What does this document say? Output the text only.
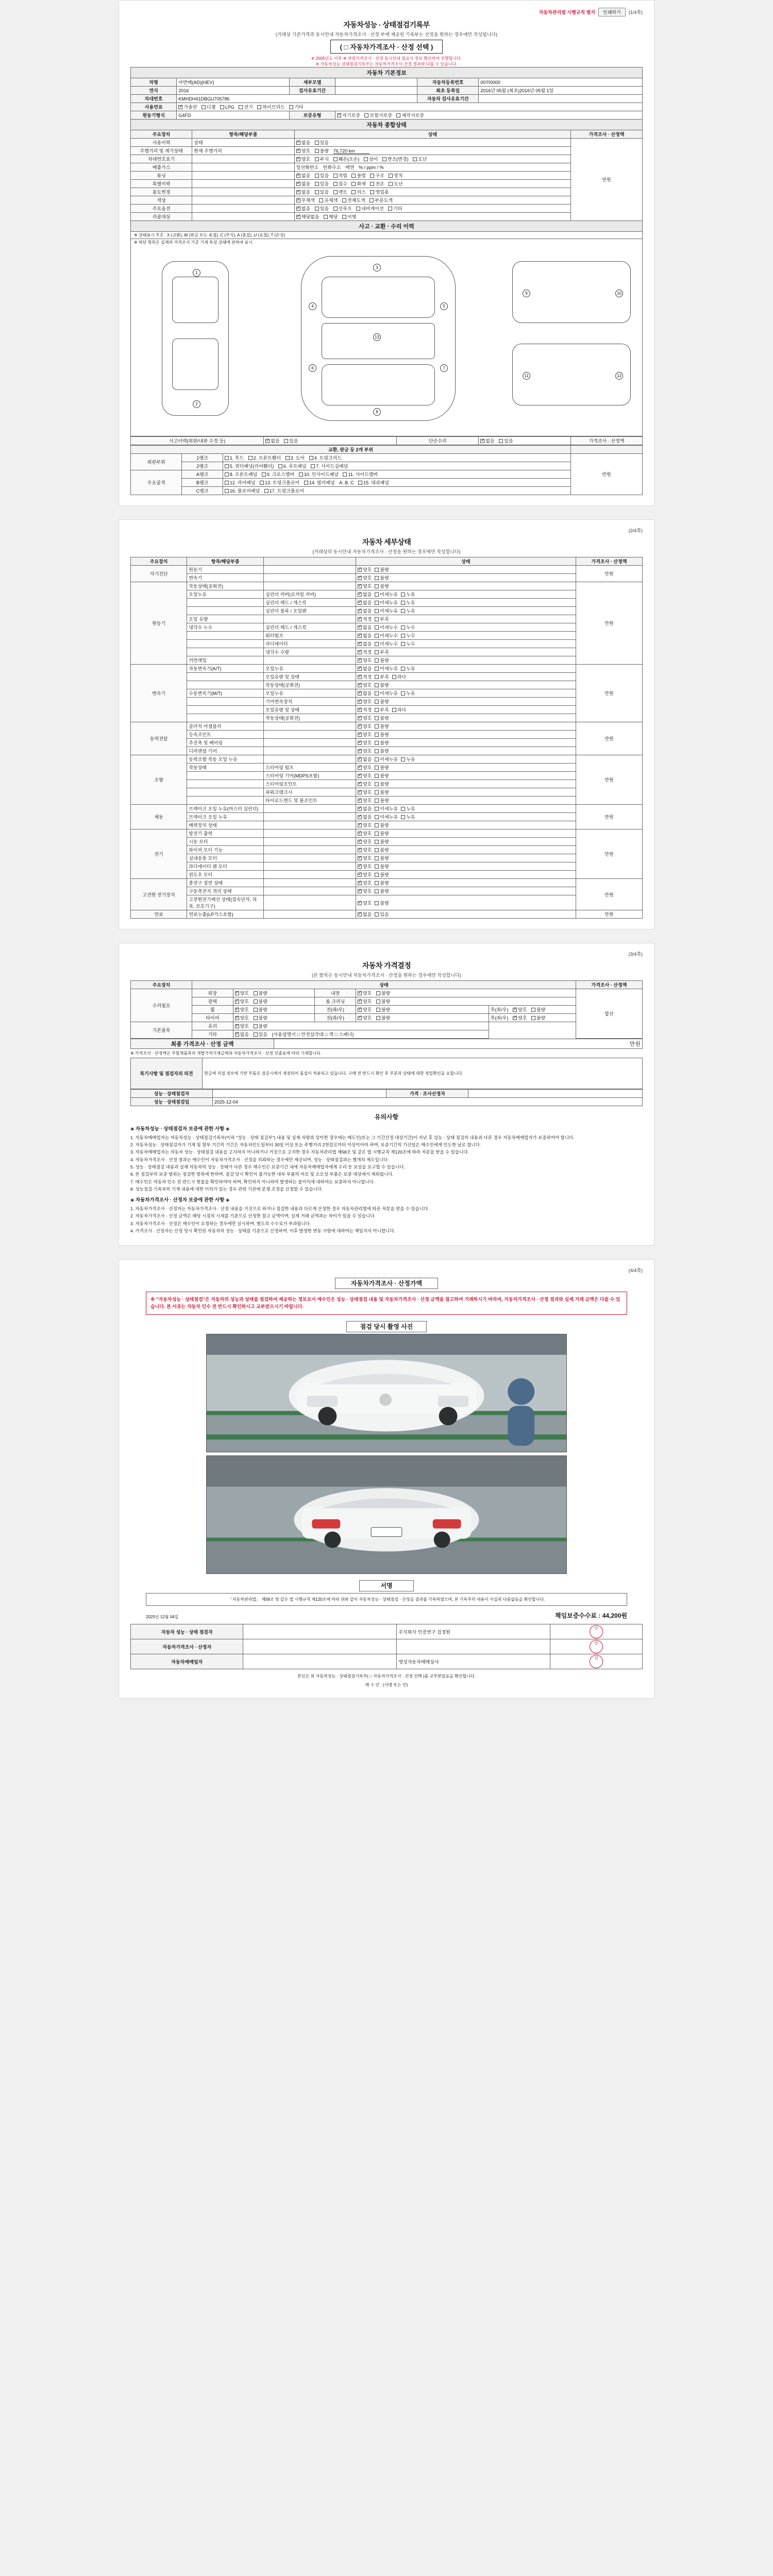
자동차관리법 시행규칙 별지	인쇄하기	(1/4쪽)
자동차성능 · 상태점검기록부
(거래상 기준가격과 동시안내 자동차가격조사 · 산정 부에 제공된 기록부는 산정을 원하는 경우에만 작성됩니다)
( □ 자동차가격조사 · 산정 선택 )
※ 2005년도 이후 ※ 차량가격조사 · 산정 동시안내 필요시 정보 확인하여 진행합니다.
※ 자동차성능·상태점검기록부는 자동차가격조사·산정 결과와 다를 수 있습니다.
자동차 기본정보
차명	아반떼(AD)(HEV)	세부모델		자동차등록번호	00허0000
연식	2016	검사유효기간		최초 등록일	2016년 05월 (최초)2016년 05월 1일
차대번호	KMHDH41DBGU705786			자동차 검사유효기간	
사용연료	✓가솔린 디젤 LPG 전기 하이브리드 기타
원동기형식	G4FD	보증유형	✓자기보증 보험사보증 제작사보증
자동차 종합상태
주요장치	항목/해당부품	상태	가격조사 · 산정액
사용이력	상태	✓없음 있음	만원
주행거리 및 계기상태	현재 주행거리	✓양호 불량 76,720 km
차대번호표기		✓양호 부식 훼손(오손) 상이 변조(변경) 도난
배출가스		일산화탄소 탄화수소 매연 % / ppm / %	
튜닝		✓없음 있음 적법 불법 구조 장치
특별이력		✓없음 있음 침수 화재 전손 도난
용도변경		✓없음 있음 렌트 리스 영업용
색상		✓무채색 유채색 전체도색 부분도색
주요옵션		✓없음 있음 선루프 내비게이션 기타
리콜대상		✓해당없음 해당 이행
사고 · 교환 · 수리 이력
※ 상태표시 부호 : X (교환), W (판금 또는 용접), C (부식), A (흠집), U (요철), T (손상)
※ 하단 항목은 실제의 가격조사 기준 기재 특성 상태에 관하여 표시
1
2
3
4	5
6	7
8
9	10
11	12
13
사고이력(외판/내판 수정 등)	✓없음 있음	단순수리	✓없음 있음	가격조사 · 산정액
교환, 판금 등 2개 부위			
외판부위	1랭크	1. 후드 2. 프론트휀더 3. 도어 4. 트렁크리드	만원
	2랭크	5. 쿼터패널(리어휀더) 6. 루프패널 7. 사이드실패널	
주요골격	A랭크	8. 프론트패널 9. 크로스멤버 10. 인사이드패널 11. 사이드멤버	
	B랭크	12. 리어패널 13. 트렁크플로어 14. 필러패널 A. B. C 15. 대쉬패널	
	C랭크	16. 플로어패널 17. 트렁크플로어	
(2/4쪽)
자동차 세부상태
(거래상의 동시안내 자동차가격조사 · 산정을 원하는 경우에만 작성합니다)
주요장치	항목/해당부품		상태	가격조사 · 산정액
자기진단	원동기		✓양호 불량	만원
	변속기		✓양호 불량
원동기	작동상태(공회전)		✓양호 불량	만원
	오일누유	실린더 커버(로커암 커버)	✓없음 미세누유 누유
		실린더 헤드 / 개스킷	✓없음 미세누유 누유
		실린더 블록 / 오일팬	✓없음 미세누유 누유
	오일 유량		✓적정 부족
	냉각수 누수	실린더 헤드 / 개스킷	✓없음 미세누수 누수
		워터펌프	✓없음 미세누수 누수
		라디에이터	✓없음 미세누수 누수
		냉각수 수량	✓적정 부족
	커먼레일		✓양호 불량
변속기	자동변속기(A/T)	오일누유	✓없음 미세누유 누유	만원
		오일유량 및 상태	✓적정 부족 과다
		작동상태(공회전)	✓양호 불량
	수동변속기(M/T)	오일누유	✓없음 미세누유 누유
		기어변속장치	✓양호 불량
		오일유량 및 상태	✓적정 부족 과다
		작동상태(공회전)	✓양호 불량
동력전달	클러치 어셈블리		✓양호 불량	만원
	등속조인트		✓양호 불량
	추진축 및 베어링		✓양호 불량
	디퍼렌셜 기어		✓양호 불량
조향	동력조향 작동 오일 누유		✓없음 미세누유 누유	만원
	작동상태	스티어링 펌프	✓양호 불량
		스티어링 기어(MDPS포함)	✓양호 불량
		스티어링조인트	✓양호 불량
		파워크랭크시	✓양호 불량
		타이로드엔드 및 볼조인트	✓양호 불량
제동	브레이크 오일 누유(마스터 실린더)		✓없음 미세누유 누유	만원
	브레이크 오일 누유		✓없음 미세누유 누유
	배력장치 상태		✓양호 불량
전기	발전기 출력		✓양호 불량	만원
	시동 모터		✓양호 불량
	와이퍼 모터 기능		✓양호 불량
	실내송풍 모터		✓양호 불량
	라디에이터 팬 모터		✓양호 불량
	윈도우 모터		✓양호 불량
고전원 전기장치	충전구 절연 상태		✓양호 불량	만원
	구동축전지 격리 상태		✓양호 불량
	고전원전기배선 상태(접속단자, 피복, 보호기구)		✓양호 불량
연료	연료누출(LP가스포함)		✓없음 있음	만원
(3/4쪽)
자동차 가격결정
(본 항목은 동시안내 자동차가격조사 · 산정을 원하는 경우에만 작성합니다)
주요장치	상태					가격조사 · 산정액
수리필요	외장	✓양호 불량	내장	✓양호 불량		합산
	광택	✓양호 불량	룸 크리닝	✓양호 불량
	휠	✓양호 불량	전(좌/우)	✓양호 불량	후(좌/우) ✓ 양호 불량
	타이어	✓양호 불량	전(좌/우)	✓양호 불량	후(좌/우) ✓ 양호 불량
기본품목	유리	✓양호 불량
	기타	✓없음 있음 (사용설명서 □ 안전삼각대 □ 잭 □ 스패너)
최종 가격조사 · 산정 금액	만원
※ 가격조사 · 산정액은 부합계품목의 개별가격기재금액과 자동차가격조사 · 산정 산출표에 따라 기재합니다.
특기사항 및 점검자의 의견	현금에 직접 정보에 기반 부품은 검증시에서 제정되어 품질이 적용되고 있습니다. 구매 전 반드시 확인 후 부분과 상태에 대한 정밀확인을 요합니다.
성능 · 상태점검자		가격 · 조사산정자	
성능 · 상태점검일	2025-12-04		
유의사항
◈ 자동차성능 · 상태점검자 보증에 관한 사항 ◈

1. 자동차매매업자는 자동차성능 · 상태점검기록부(이하 "성능 · 상태 점검부") 내용 및 실제 차량과 상이한 경우에는 매도인(또는 그 기간산정 대상기간)이 지난 후 성능 · 상태 점검의 내용과 다른 경우 자동차매매업자가 보증하여야 합니다.

2. 자동차성능 · 상태점검자가 기재 및 첨부 기간의 기간은 자동차인도일부터 30일 이상 또는 주행거리 2천킬로미터 이상이어야 하며, 보증기간의 기산일은 매수인에게 인도한 날로 합니다.

3. 자동차매매업자는 자동차 성능 · 상태점검 내용을 고지하지 아니하거나 거짓으로 고지한 경우 자동차관리법 제58조 및 같은 법 시행규칙 제120조에 따라 처분을 받을 수 있습니다.

4. 자동차가격조사 · 산정 결과는 매수인이 자동차가격조사 · 산정을 의뢰하는 경우에만 제공되며, 성능 · 상태점검과는 별개의 제도입니다.

5. 성능 · 상태점검 내용과 실제 자동차의 성능 · 상태가 다른 경우 매수인은 보증기간 내에 자동차매매업자에게 수리 등 보상을 요구할 수 있습니다.

6. 본 점검부의 보증 범위는 점검한 항목에 한하며, 점검 당시 확인이 불가능한 내부 부품의 마모 및 소모성 부품은 보증 대상에서 제외됩니다.

7. 매수인은 자동차 인수 전 반드시 현물을 확인하여야 하며, 확인하지 아니하여 발생하는 불이익에 대하여는 보증하지 아니합니다.

8. 성능점검 기록부의 기재 내용에 대한 이의가 있는 경우 관련 기관에 분쟁 조정을 신청할 수 있습니다.

◈ 자동차가격조사 · 산정자 보증에 관한 사항 ◈

1. 자동차가격조사 · 산정자는 자동차가격조사 · 산정 내용을 거짓으로 하거나 점검한 내용과 다르게 산정한 경우 자동차관리법에 따른 처분을 받을 수 있습니다.

2. 자동차가격조사 · 산정 금액은 해당 시점의 시세를 기준으로 산정한 참고 금액이며, 실제 거래 금액과는 차이가 있을 수 있습니다.

3. 자동차가격조사 · 산정은 매수인이 요청하는 경우에만 실시하며, 별도의 수수료가 부과됩니다.

4. 가격조사 · 산정자는 산정 당시 확인된 자동차의 성능 · 상태를 기준으로 산정하며, 이후 발생한 변동 사항에 대하여는 책임지지 아니합니다.

(4/4쪽)
자동차가격조사 · 산정가액
※ "자동차성능 · 상태점검"은 자동차의 성능과 상태를 점검하여 제공하는 정보로서 매수인은 성능 · 상태점검 내용 및 자동차가격조사 · 산정 금액을 참고하여 거래하시기 바라며, 자동차가격조사 · 산정 결과와 실제 거래 금액은 다를 수 있습니다. 본 서류는 자동차 인수 전 반드시 확인하시고 교부받으시기 바랍니다.
점검 당시 촬영 사진
서명
「자동차관리법」 제58조 및 같은 법 시행규칙 제120조에 따라 위와 같이 자동차성능 · 상태점검 · 산정을 결과를 기록하였으며, 본 기록부의 내용이 사실과 다름없음을 확인합니다.
2025년 12월 04일	책임보증수수료 : 44,200원
자동차 성능 · 상태 점검자		주식회사 인증연구 검정원	인
자동차가격조사 · 산정자			인
자동차매매업자		명성자동차매매상사	인
본인은 위 자동차성능 · 상태점검기록부( □ 자동차가격조사 · 산정 선택 )를 교부받았음을 확인합니다.
매 수 인 : (서명 또는 인)
